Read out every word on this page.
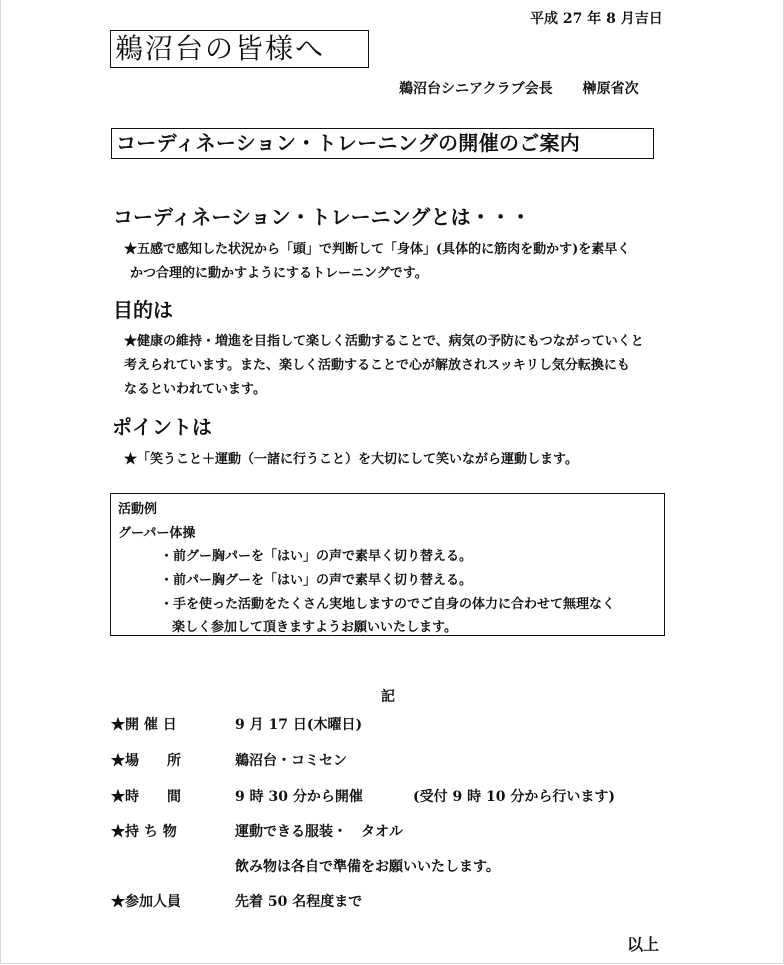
平成 27 年 8 月吉日
鵜沼台の皆様へ
鵜沼台シニアクラブ会長 榊原省次
コーディネーション・トレーニングの開催のご案内
コーディネーション・トレーニングとは・・・
★五感で感知した状況から「頭」で判断して「身体」(具体的に筋肉を動かす)を素早く
かつ合理的に動かすようにするトレーニングです。
目的は
★健康の維持・増進を目指して楽しく活動することで、病気の予防にもつながっていくと
考えられています。また、楽しく活動することで心が解放されスッキリし気分転換にも
なるといわれています。
ポイントは
★「笑うこと＋運動（一諸に行うこと）を大切にして笑いながら運動します。
活動例
グーパー体操
・前グー胸パーを「はい」の声で素早く切り替える。
・前パー胸グーを「はい」の声で素早く切り替える。
・手を使った活動をたくさん実地しますのでご自身の体力に合わせて無理なく
楽しく参加して頂きますようお願いいたします。
記
★開 催 日	9 月 17 日(木曜日)
★場　　所	鵜沼台・コミセン
★時　　間	9 時 30 分から開催	(受付 9 時 10 分から行います)
★持 ち 物	運動できる服装・　タオル
飲み物は各自で準備をお願いいたします。
★参加人員	先着 50 名程度まで
以上
